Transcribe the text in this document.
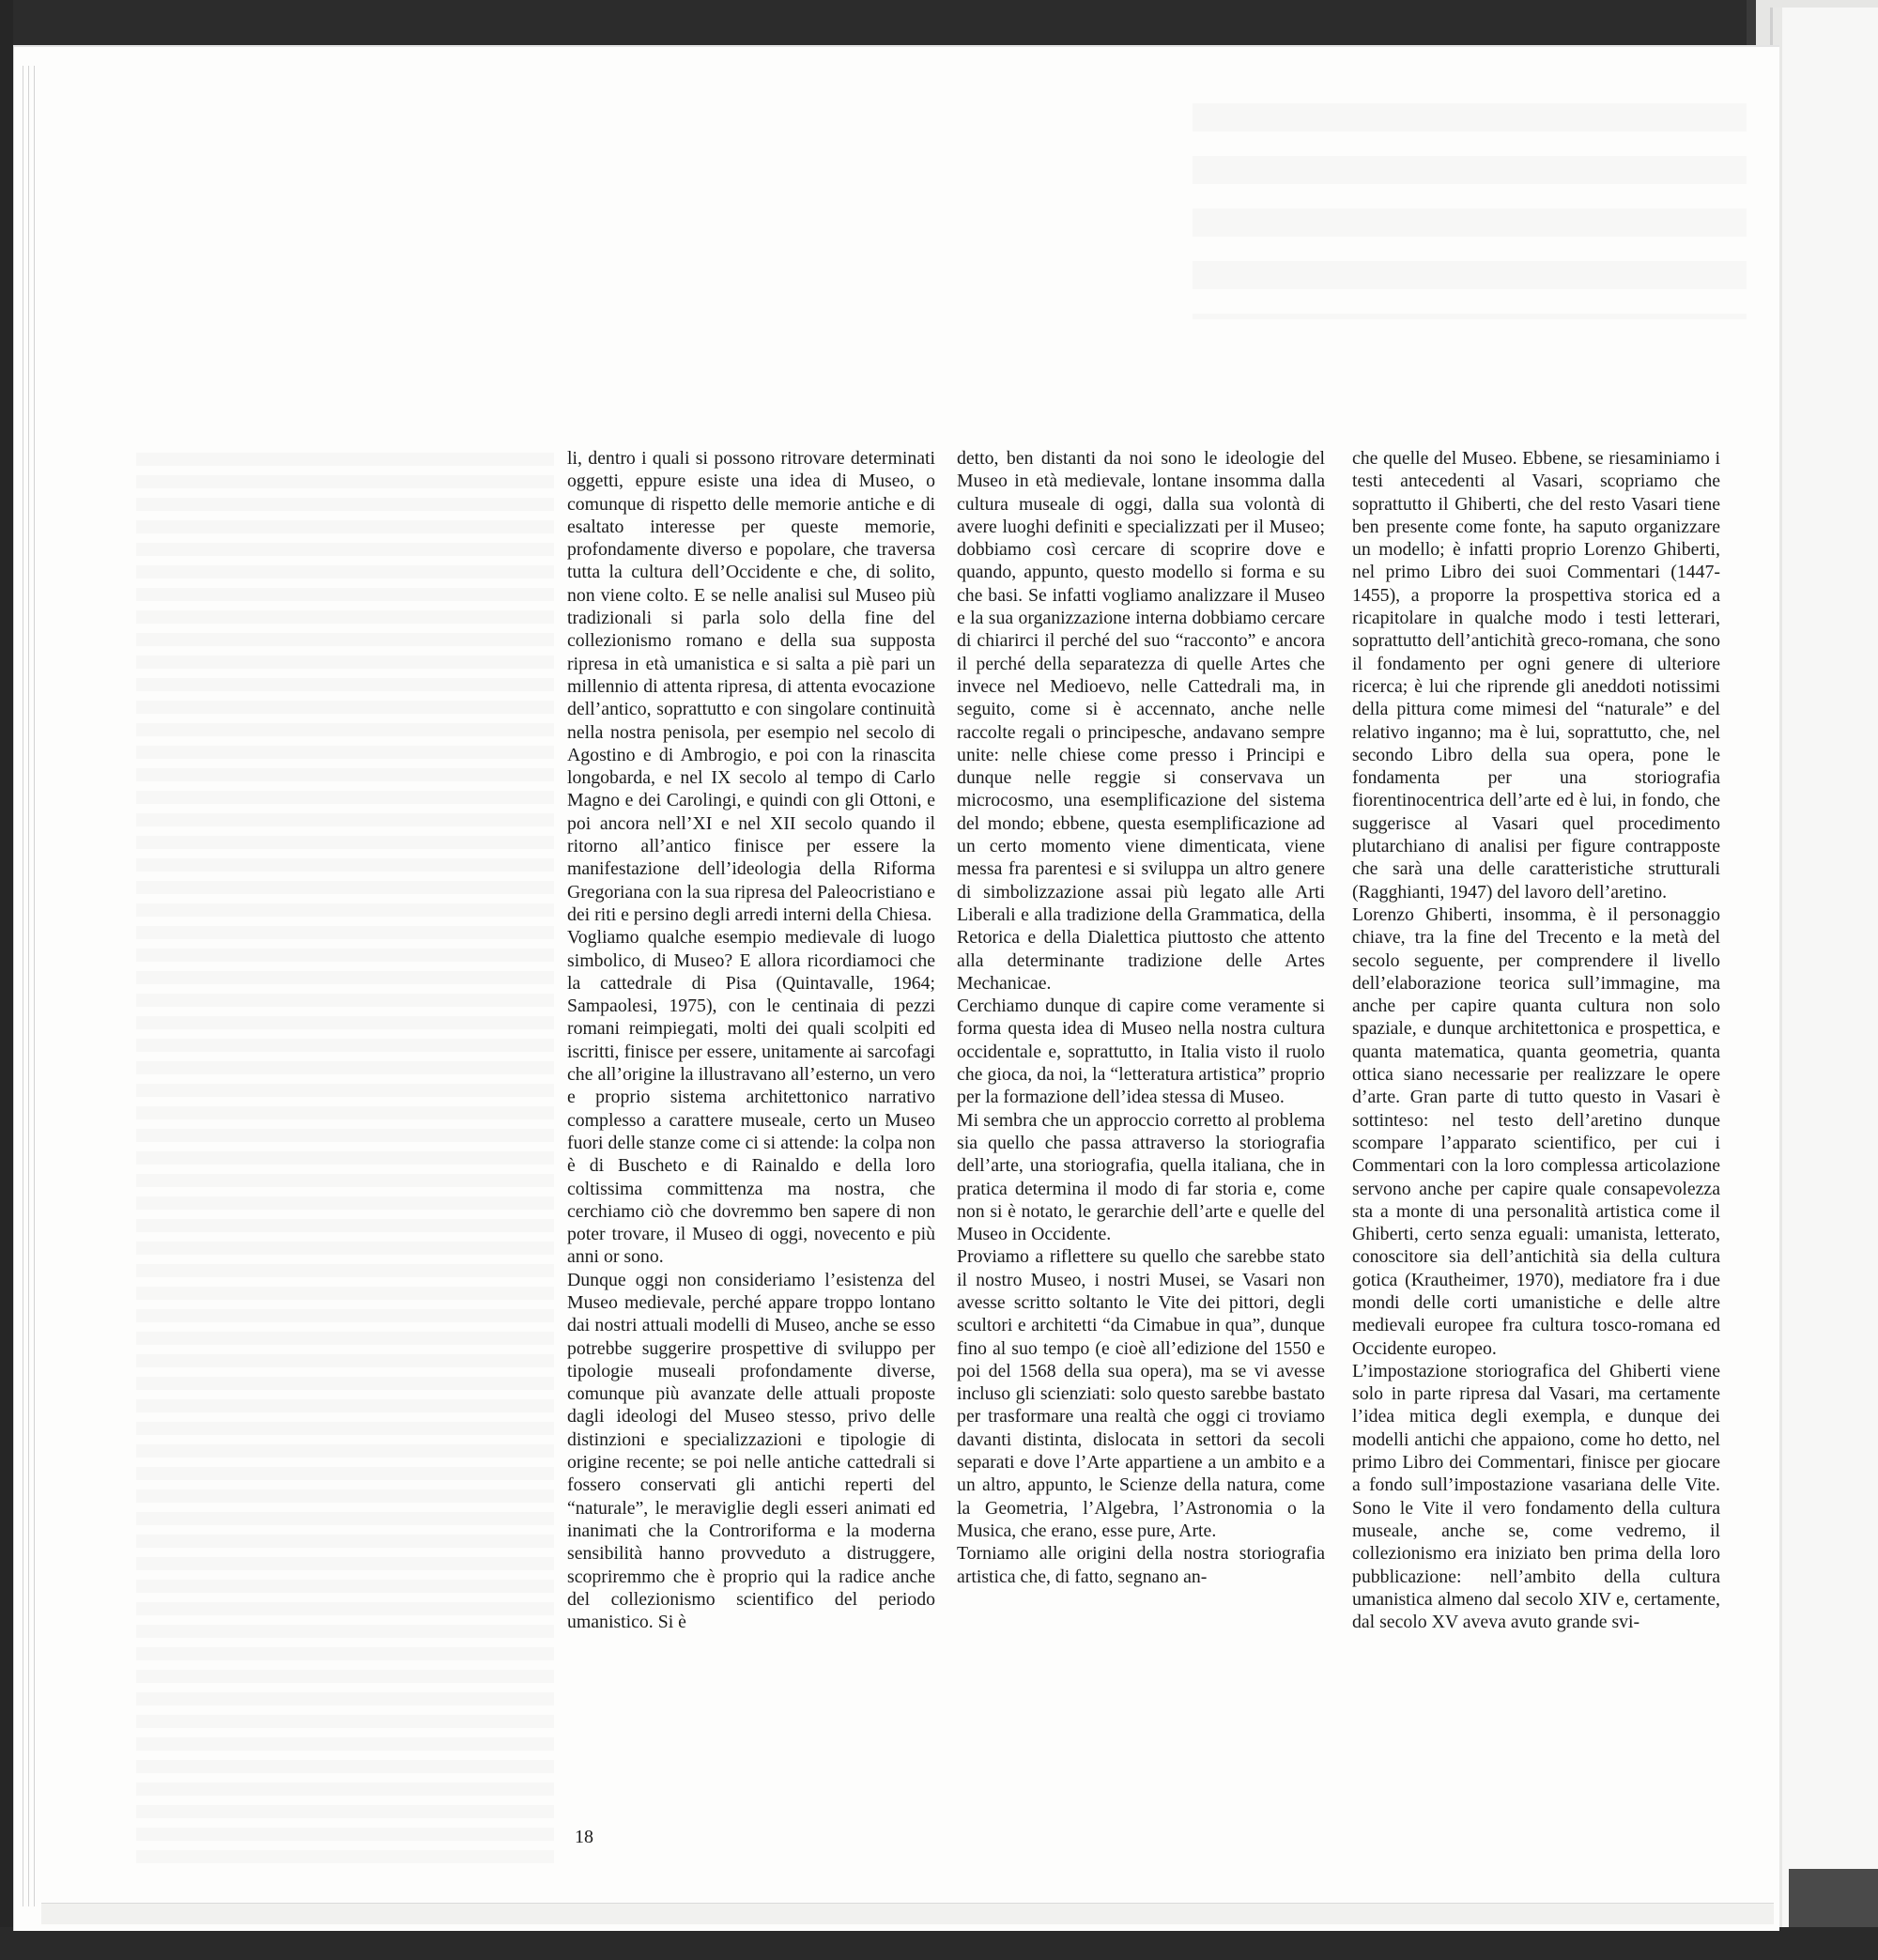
li, dentro i quali si possono ritrovare determinati oggetti, eppure esiste una idea di Museo, o comunque di rispetto delle memorie antiche e di esaltato interesse per queste memorie, profondamente diverso e popolare, che traversa tutta la cultura dell’Occidente e che, di solito, non viene colto. E se nelle analisi sul Museo più tradizionali si parla solo della fine del collezionismo romano e della sua supposta ripresa in età umanistica e si salta a piè pari un millennio di attenta ripresa, di attenta evocazione dell’antico, soprattutto e con singolare continuità nella nostra penisola, per esempio nel secolo di Agostino e di Ambrogio, e poi con la rinascita longobarda, e nel IX secolo al tempo di Carlo Magno e dei Carolingi, e quindi con gli Ottoni, e poi ancora nell’XI e nel XII secolo quando il ritorno all’antico finisce per essere la manifestazione dell’ideologia della Riforma Gregoriana con la sua ripresa del Paleocristiano e dei riti e persino degli arredi interni della Chiesa.

Vogliamo qualche esempio medievale di luogo simbolico, di Museo? E allora ricordiamoci che la cattedrale di Pisa (Quintavalle, 1964; Sampaolesi, 1975), con le centinaia di pezzi romani reimpiegati, molti dei quali scolpiti ed iscritti, finisce per essere, unitamente ai sarcofagi che all’origine la illustravano all’esterno, un vero e proprio sistema architettonico narrativo complesso a carattere museale, certo un Museo fuori delle stanze come ci si attende: la colpa non è di Buscheto e di Rainaldo e della loro coltissima committenza ma nostra, che cerchiamo ciò che dovremmo ben sapere di non poter trovare, il Museo di oggi, novecento e più anni or sono.

Dunque oggi non consideriamo l’esistenza del Museo medievale, perché appare troppo lontano dai nostri attuali modelli di Museo, anche se esso potrebbe suggerire prospettive di sviluppo per tipologie museali profondamente diverse, comunque più avanzate delle attuali proposte dagli ideologi del Museo stesso, privo delle distinzioni e specializzazioni e tipologie di origine recente; se poi nelle antiche cattedrali si fossero conservati gli antichi reperti del “naturale”, le meraviglie degli esseri animati ed inanimati che la Controriforma e la moderna sensibilità hanno provveduto a distruggere, scopriremmo che è proprio qui la radice anche del collezionismo scientifico del periodo umanistico. Si è

detto, ben distanti da noi sono le ideologie del Museo in età medievale, lontane insomma dalla cultura museale di oggi, dalla sua volontà di avere luoghi definiti e specializzati per il Museo; dobbiamo così cercare di scoprire dove e quando, appunto, questo modello si forma e su che basi. Se infatti vogliamo analizzare il Museo e la sua organizzazione interna dobbiamo cercare di chiarirci il perché del suo “racconto” e ancora il perché della separatezza di quelle Artes che invece nel Medioevo, nelle Cattedrali ma, in seguito, come si è accennato, anche nelle raccolte regali o principesche, andavano sempre unite: nelle chiese come presso i Principi e dunque nelle reggie si conservava un microcosmo, una esemplificazione del sistema del mondo; ebbene, questa esemplificazione ad un certo momento viene dimenticata, viene messa fra parentesi e si sviluppa un altro genere di simbolizzazione assai più legato alle Arti Liberali e alla tradizione della Grammatica, della Retorica e della Dialettica piuttosto che attento alla determinante tradizione delle Artes Mechanicae.

Cerchiamo dunque di capire come veramente si forma questa idea di Museo nella nostra cultura occidentale e, soprattutto, in Italia visto il ruolo che gioca, da noi, la “letteratura artistica” proprio per la formazione dell’idea stessa di Museo.

Mi sembra che un approccio corretto al problema sia quello che passa attraverso la storiografia dell’arte, una storiografia, quella italiana, che in pratica determina il modo di far storia e, come non si è notato, le gerarchie dell’arte e quelle del Museo in Occidente.

Proviamo a riflettere su quello che sarebbe stato il nostro Museo, i nostri Musei, se Vasari non avesse scritto soltanto le Vite dei pittori, degli scultori e architetti “da Cimabue in qua”, dunque fino al suo tempo (e cioè all’edizione del 1550 e poi del 1568 della sua opera), ma se vi avesse incluso gli scienziati: solo questo sarebbe bastato per trasformare una realtà che oggi ci troviamo davanti distinta, dislocata in settori da secoli separati e dove l’Arte appartiene a un ambito e a un altro, appunto, le Scienze della natura, come la Geometria, l’Algebra, l’Astronomia o la Musica, che erano, esse pure, Arte.

Torniamo alle origini della nostra storiografia artistica che, di fatto, segnano an-

che quelle del Museo. Ebbene, se riesaminiamo i testi antecedenti al Vasari, scopriamo che soprattutto il Ghiberti, che del resto Vasari tiene ben presente come fonte, ha saputo organizzare un modello; è infatti proprio Lorenzo Ghiberti, nel primo Libro dei suoi Commentari (1447-1455), a proporre la prospettiva storica ed a ricapitolare in qualche modo i testi letterari, soprattutto dell’antichità greco-romana, che sono il fondamento per ogni genere di ulteriore ricerca; è lui che riprende gli aneddoti notissimi della pittura come mimesi del “naturale” e del relativo inganno; ma è lui, soprattutto, che, nel secondo Libro della sua opera, pone le fondamenta per una storiografia fiorentinocentrica dell’arte ed è lui, in fondo, che suggerisce al Vasari quel procedimento plutarchiano di analisi per figure contrapposte che sarà una delle caratteristiche strutturali (Ragghianti, 1947) del lavoro dell’aretino.

Lorenzo Ghiberti, insomma, è il personaggio chiave, tra la fine del Trecento e la metà del secolo seguente, per comprendere il livello dell’elaborazione teorica sull’immagine, ma anche per capire quanta cultura non solo spaziale, e dunque architettonica e prospettica, e quanta matematica, quanta geometria, quanta ottica siano necessarie per realizzare le opere d’arte. Gran parte di tutto questo in Vasari è sottinteso: nel testo dell’aretino dunque scompare l’apparato scientifico, per cui i Commentari con la loro complessa articolazione servono anche per capire quale consapevolezza sta a monte di una personalità artistica come il Ghiberti, certo senza eguali: umanista, letterato, conoscitore sia dell’antichità sia della cultura gotica (Krautheimer, 1970), mediatore fra i due mondi delle corti umanistiche e delle altre medievali europee fra cultura tosco-romana ed Occidente europeo.

L’impostazione storiografica del Ghiberti viene solo in parte ripresa dal Vasari, ma certamente l’idea mitica degli exempla, e dunque dei modelli antichi che appaiono, come ho detto, nel primo Libro dei Commentari, finisce per giocare a fondo sull’impostazione vasariana delle Vite. Sono le Vite il vero fondamento della cultura museale, anche se, come vedremo, il collezionismo era iniziato ben prima della loro pubblicazione: nell’ambito della cultura umanistica almeno dal secolo XIV e, certamente, dal secolo XV aveva avuto grande svi-

18
